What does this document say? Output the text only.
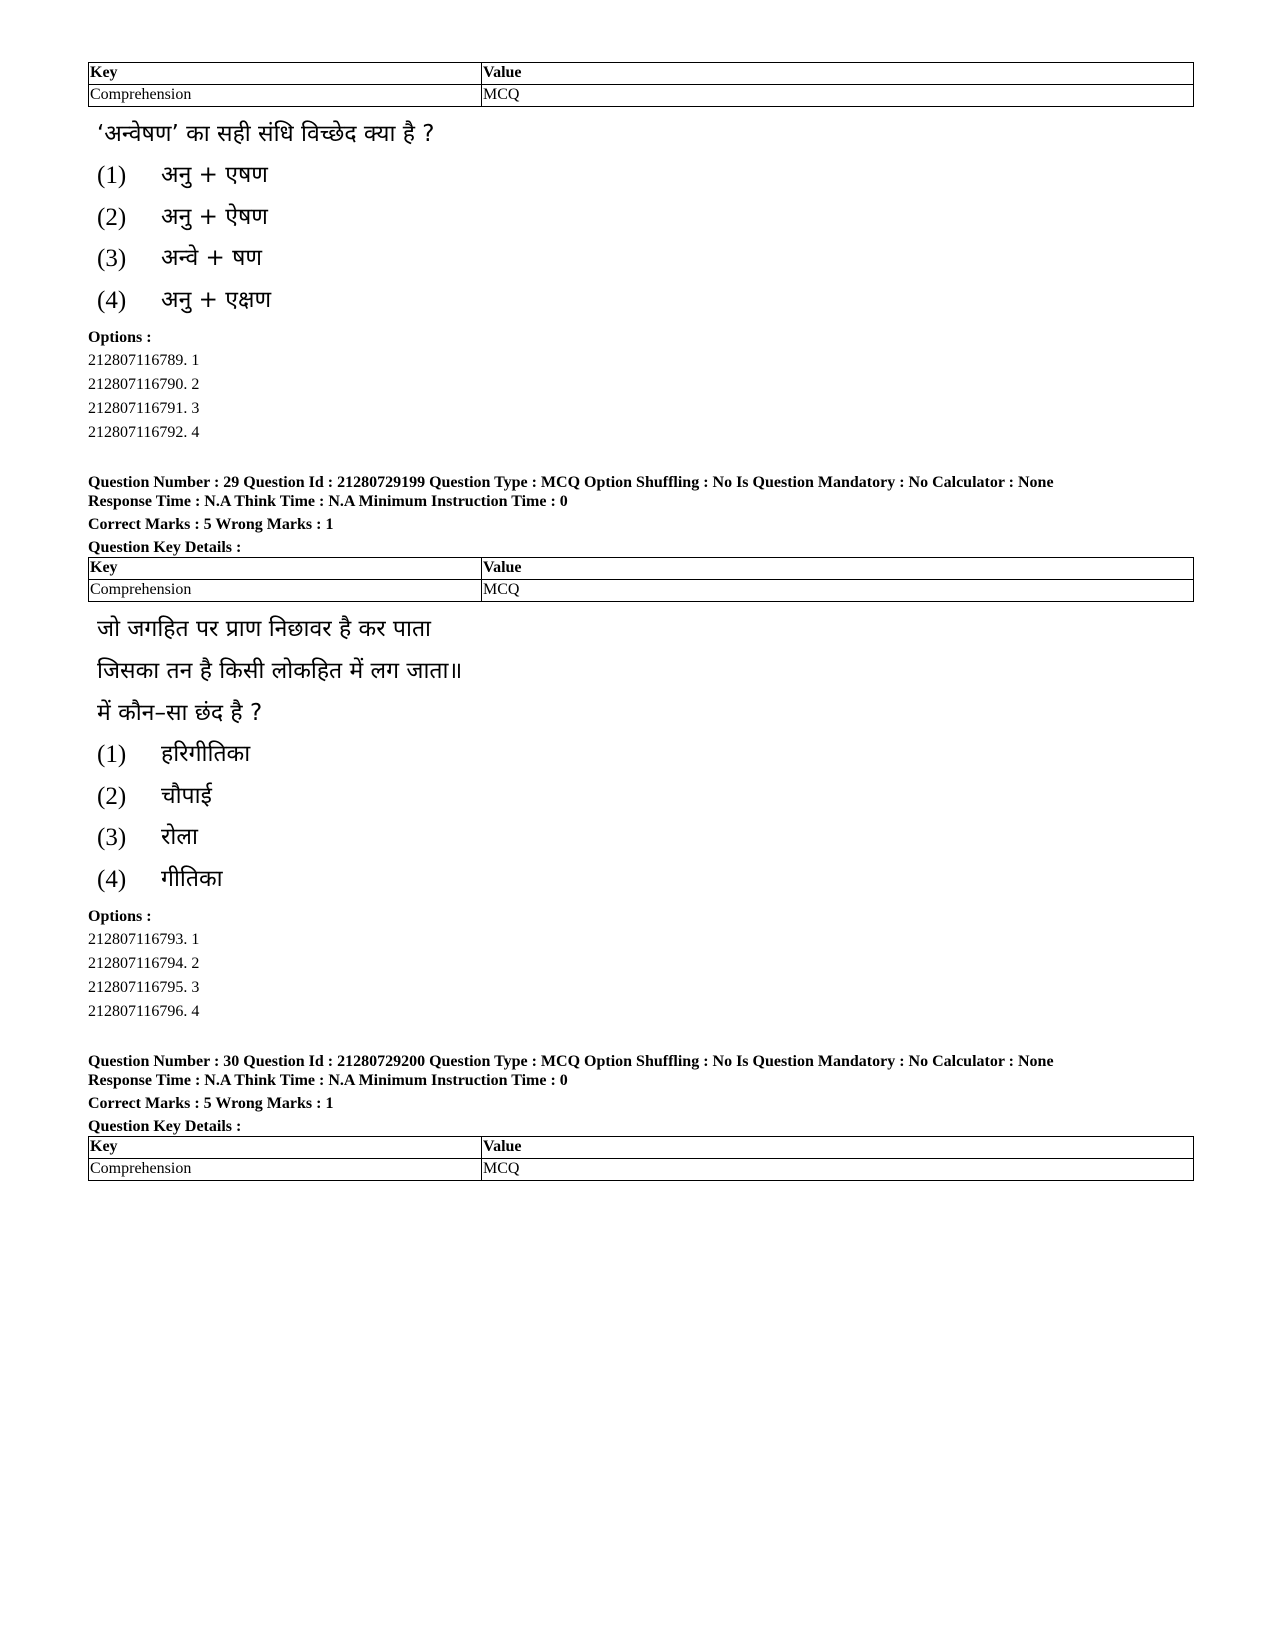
Key	Value
Comprehension	MCQ
‘अन्वेषण’ का सही संधि विच्छेद क्या है ?
(1)	अनु + एषण
(2)	अनु + ऐषण
(3)	अन्वे + षण
(4)	अनु + एक्षण
Options :
212807116789. 1
212807116790. 2
212807116791. 3
212807116792. 4
Question Number : 29 Question Id : 21280729199 Question Type : MCQ Option Shuffling : No Is Question Mandatory : No Calculator : None
Response Time : N.A Think Time : N.A Minimum Instruction Time : 0
Correct Marks : 5 Wrong Marks : 1
Question Key Details :
Key	Value
Comprehension	MCQ
जो जगहित पर प्राण निछावर है कर पाता
जिसका तन है किसी लोकहित में लग जाता॥
में कौन–सा छंद है ?
(1)	हरिगीतिका
(2)	चौपाई
(3)	रोला
(4)	गीतिका
Options :
212807116793. 1
212807116794. 2
212807116795. 3
212807116796. 4
Question Number : 30 Question Id : 21280729200 Question Type : MCQ Option Shuffling : No Is Question Mandatory : No Calculator : None
Response Time : N.A Think Time : N.A Minimum Instruction Time : 0
Correct Marks : 5 Wrong Marks : 1
Question Key Details :
Key	Value
Comprehension	MCQ
